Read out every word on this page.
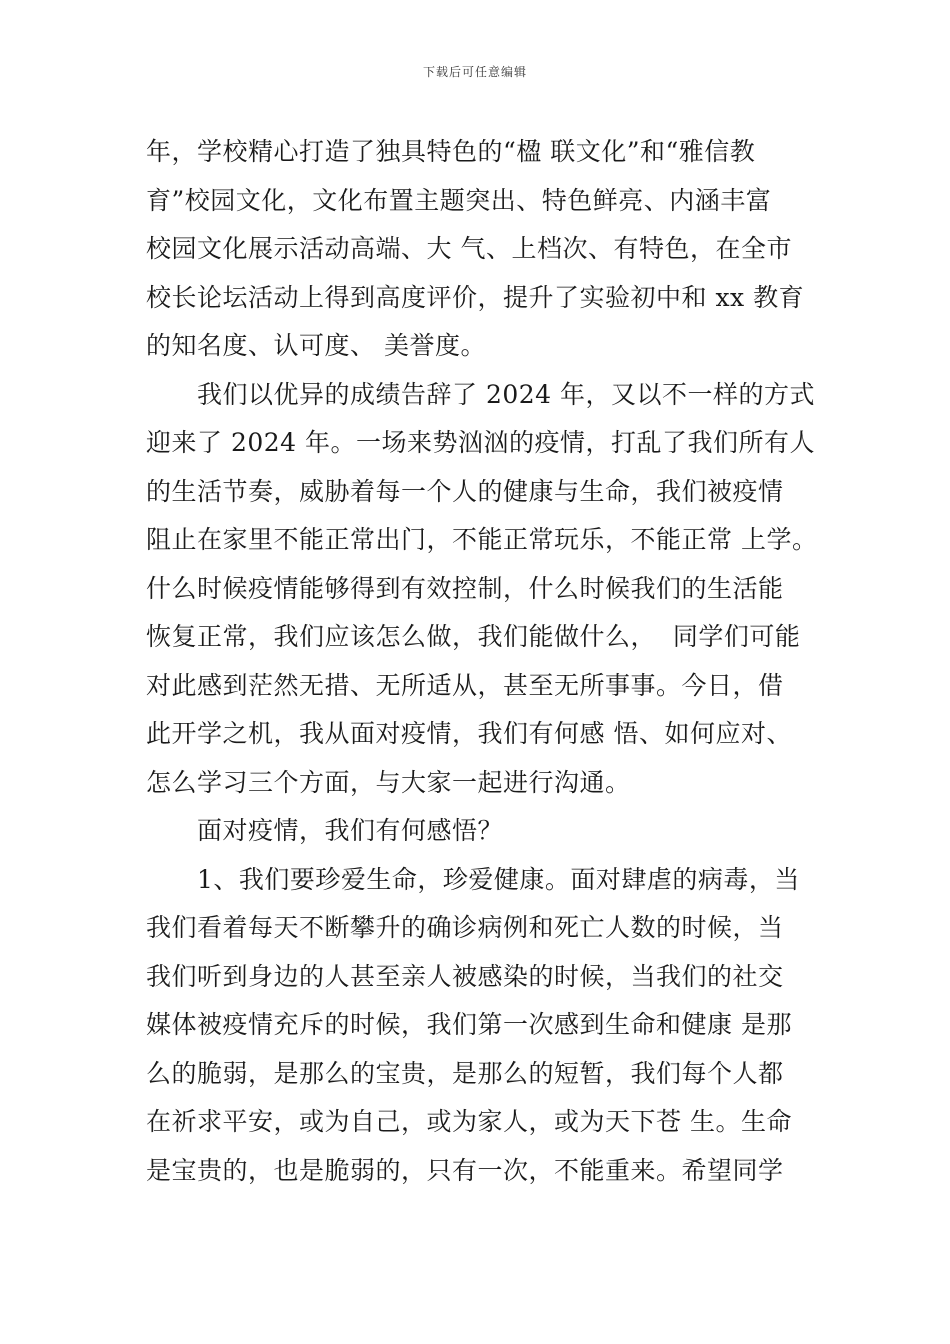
下载后可任意编辑
年，学校精心打造了独具特色的“楹 联文化”和“雅信教
育”校园文化，文化布置主题突出、特色鲜亮、内涵丰富
校园文化展示活动高端、大 气、上档次、有特色，在全市
校长论坛活动上得到高度评价，提升了实验初中和 xx 教育
的知名度、认可度、 美誉度。
我们以优异的成绩告辞了 2024 年，又以不一样的方式
迎来了 2024 年。一场来势汹汹的疫情，打乱了我们所有人
的生活节奏，威胁着每一个人的健康与生命，我们被疫情
阻止在家里不能正常出门，不能正常玩乐，不能正常 上学。
什么时候疫情能够得到有效控制，什么时候我们的生活能
恢复正常，我们应该怎么做，我们能做什么，  同学们可能
对此感到茫然无措、无所适从，甚至无所事事。今日，借
此开学之机，我从面对疫情，我们有何感 悟、如何应对、
怎么学习三个方面，与大家一起进行沟通。
面对疫情，我们有何感悟？
1、我们要珍爱生命，珍爱健康。面对肆虐的病毒，当
我们看着每天不断攀升的确诊病例和死亡人数的时候，当
我们听到身边的人甚至亲人被感染的时候，当我们的社交
媒体被疫情充斥的时候，我们第一次感到生命和健康 是那
么的脆弱，是那么的宝贵，是那么的短暂，我们每个人都
在祈求平安，或为自己，或为家人，或为天下苍 生。生命
是宝贵的，也是脆弱的，只有一次，不能重来。希望同学
